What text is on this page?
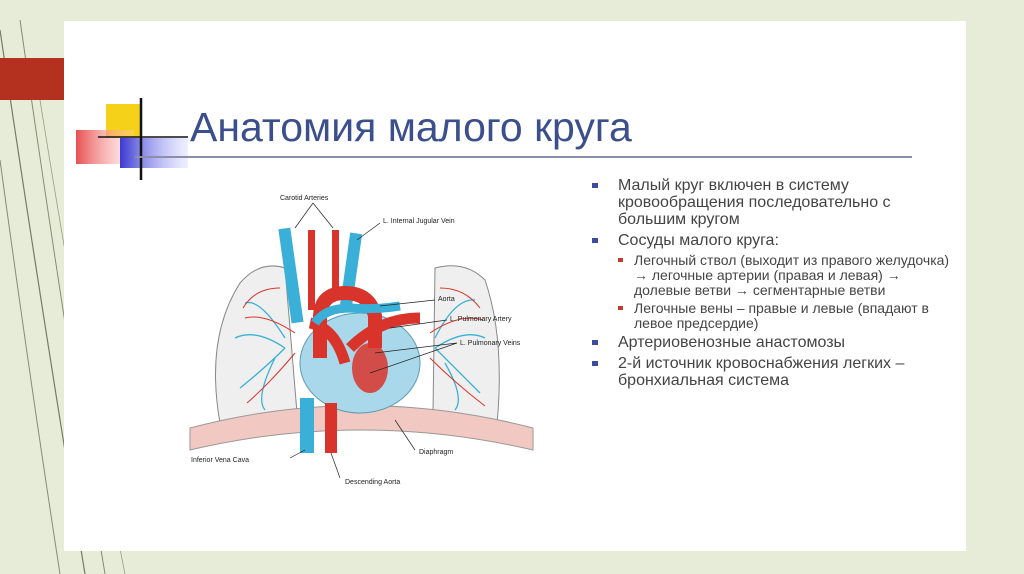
Анатомия малого круга
Carotid Arteries
L. Internal Jugular Vein
Aorta
L. Pulmonary Artery
L. Pulmonary Veins
Inferior Vena Cava
Diaphragm
Descending Aorta
Малый круг включен в систему кровообращения последовательно с большим кругом
Сосуды малого круга:
Легочный ствол (выходит из правого желудочка) → легочные артерии (правая и левая) → долевые ветви → сегментарные ветви
Легочные вены – правые и левые (впадают в левое предсердие)
Артериовенозные анастомозы
2-й источник кровоснабжения легких – бронхиальная система
